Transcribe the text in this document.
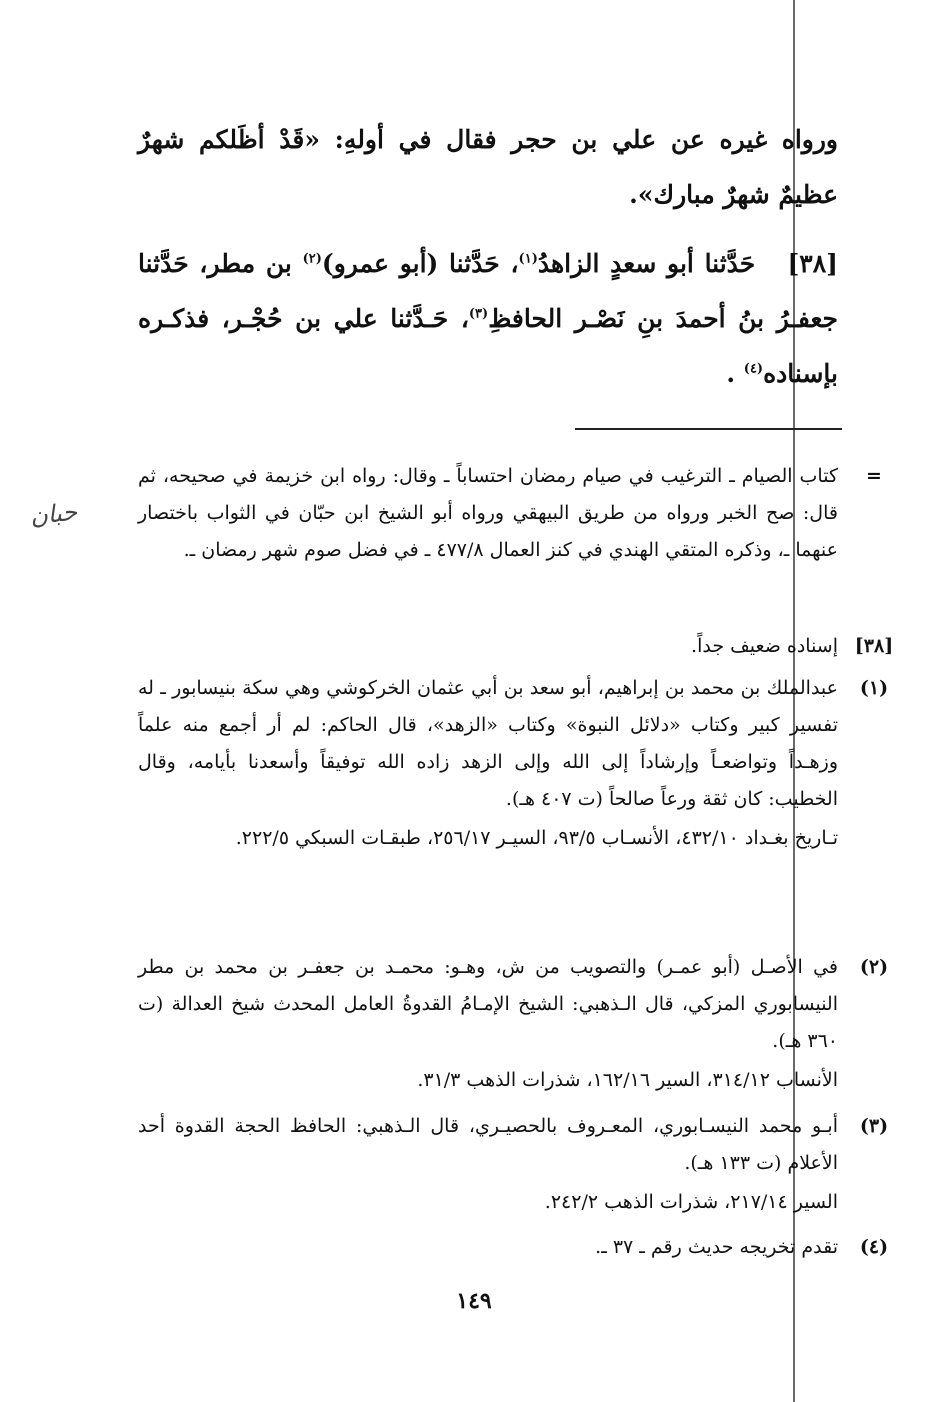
ورواه غيره عن علي بن حجر فقال في أولهِ: «قَدْ أظَلكم شهرٌ عظيمٌ شهرٌ مبارك».

[٣٨]   حَدَّثنا أبو سعدٍ الزاهدُ$^{(١)}$، حَدَّثنا (أبو عمرو)$^{(٢)}$ بن مطر، حَدَّثنا جعفـرُ بنُ أحمدَ بنِ نَصْـر الحافظِ$^{(٣)}$، حَـدَّثنا علي بن حُجْـر، فذكـره بإسناده$^{(٤)}$ .

=

كتاب الصيام ـ الترغيب في صيام رمضان احتساباً ـ وقال: رواه ابن خزيمة في صحيحه، ثم قال: صح الخبر ورواه من طريق البيهقي ورواه أبو الشيخ ابن حبّان في الثواب باختصار عنهما ـ، وذكره المتقي الهندي في كنز العمال ٤٧٧/٨ ـ في فضل صوم شهر رمضان ـ.

حبان
[٣٨]

إسناده ضعيف جداً.

(١)

عبدالملك بن محمد بن إبراهيم، أبو سعد بن أبي عثمان الخركوشي وهي سكة بنيسابور ـ له تفسير كبير وكتاب «دلائل النبوة» وكتاب «الزهد»، قال الحاكم: لم أر أجمع منه علماً وزهـداً وتواضعـاً وإرشاداً إلى الله وإلى الزهد زاده الله توفيقاً وأسعدنا بأيامه، وقال الخطيب: كان ثقة ورعاً صالحاً (ت ٤٠٧ هـ).

تـاريخ بغـداد ٤٣٢/١٠، الأنسـاب ٩٣/٥، السيـر ٢٥٦/١٧، طبقـات السبكي ٢٢٢/٥.

(٢)

في الأصـل (أبو عمـر) والتصويب من ش، وهـو: محمـد بن جعفـر بن محمد بن مطر النيسابوري المزكي، قال الـذهبي: الشيخ الإمـامُ القدوةُ العامل المحدث شيخ العدالة (ت ٣٦٠ هـ).

الأنساب ٣١٤/١٢، السير ١٦٢/١٦، شذرات الذهب ٣١/٣.

(٣)

أبـو محمد النيسـابوري، المعـروف بالحصيـري، قال الـذهبي: الحافظ الحجة القدوة أحد الأعلام (ت ١٣٣ هـ).

السير ٢١٧/١٤، شذرات الذهب ٢٤٢/٢.

(٤)

تقدم تخريجه حديث رقم ـ ٣٧ ـ.

١٤٩
